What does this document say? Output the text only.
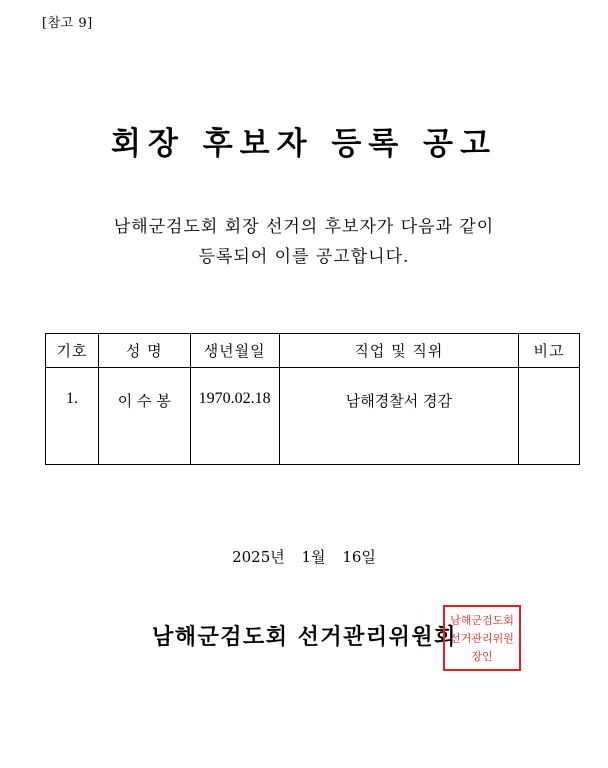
[참고 9]
회장 후보자 등록 공고
남해군검도회 회장 선거의 후보자가 다음과 같이
등록되어 이를 공고합니다.
기호	성 명	생년월일	직업 및 직위	비고
1.	이 수 봉	1970.02.18	남해경찰서 경감	
2025년 1월 16일
남해군검도회 선거관리위원회
남해군검도회
선거관리위원
장인
